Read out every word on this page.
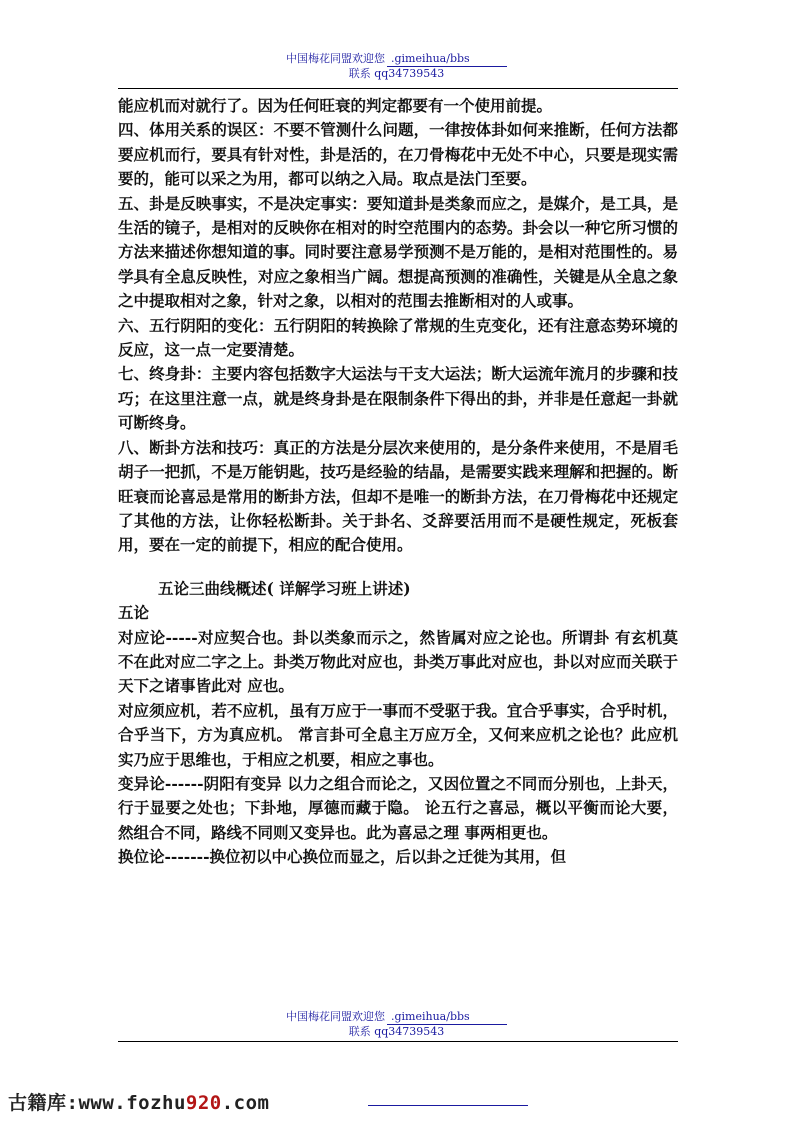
中国梅花同盟欢迎您 .gimeihua/bbs
联系 qq34739543

能应机而对就行了。因为任何旺衰的判定都要有一个使用前提。

四、体用关系的误区：不要不管测什么问题，一律按体卦如何来推断，任何方法都要应机而行，要具有针对性，卦是活的，在刀骨梅花中无处不中心，只要是现实需要的，能可以采之为用，都可以纳之入局。取点是法门至要。

五、卦是反映事实，不是决定事实：要知道卦是类象而应之，是媒介，是工具，是生活的镜子，是相对的反映你在相对的时空范围内的态势。卦会以一种它所习惯的方法来描述你想知道的事。同时要注意易学预测不是万能的，是相对范围性的。易学具有全息反映性，对应之象相当广阔。想提高预测的准确性，关键是从全息之象之中提取相对之象，针对之象，以相对的范围去推断相对的人或事。

六、五行阴阳的变化：五行阴阳的转换除了常规的生克变化，还有注意态势环境的反应，这一点一定要清楚。

七、终身卦：主要内容包括数字大运法与干支大运法；断大运流年流月的步骤和技巧；在这里注意一点，就是终身卦是在限制条件下得出的卦，并非是任意起一卦就可断终身。

八、断卦方法和技巧：真正的方法是分层次来使用的，是分条件来使用，不是眉毛胡子一把抓，不是万能钥匙，技巧是经验的结晶，是需要实践来理解和把握的。断旺衰而论喜忌是常用的断卦方法，但却不是唯一的断卦方法，在刀骨梅花中还规定了其他的方法，让你轻松断卦。关于卦名、爻辞要活用而不是硬性规定，死板套用，要在一定的前提下，相应的配合使用。

五论三曲线概述( 详解学习班上讲述)

五论

对应论-----对应契合也。卦以类象而示之，然皆属对应之论也。所谓卦 有玄机莫不在此对应二字之上。卦类万物此对应也，卦类万事此对应也，卦以对应而关联于天下之诸事皆此对 应也。

对应须应机，若不应机，虽有万应于一事而不受驱于我。宜合乎事实，合乎时机，合乎当下，方为真应机。 常言卦可全息主万应万全，又何来应机之论也？此应机实乃应于思维也，于相应之机要，相应之事也。

变异论------阴阳有变异 以力之组合而论之，又因位置之不同而分别也，上卦天，行于显要之处也；下卦地，厚德而藏于隐。 论五行之喜忌，概以平衡而论大要，然组合不同，路线不同则又变异也。此为喜忌之理 事两相更也。

换位论-------换位初以中心换位而显之，后以卦之迁徙为其用，但

中国梅花同盟欢迎您 .gimeihua/bbs
联系 qq34739543
古籍库:www.fozhu920.com
